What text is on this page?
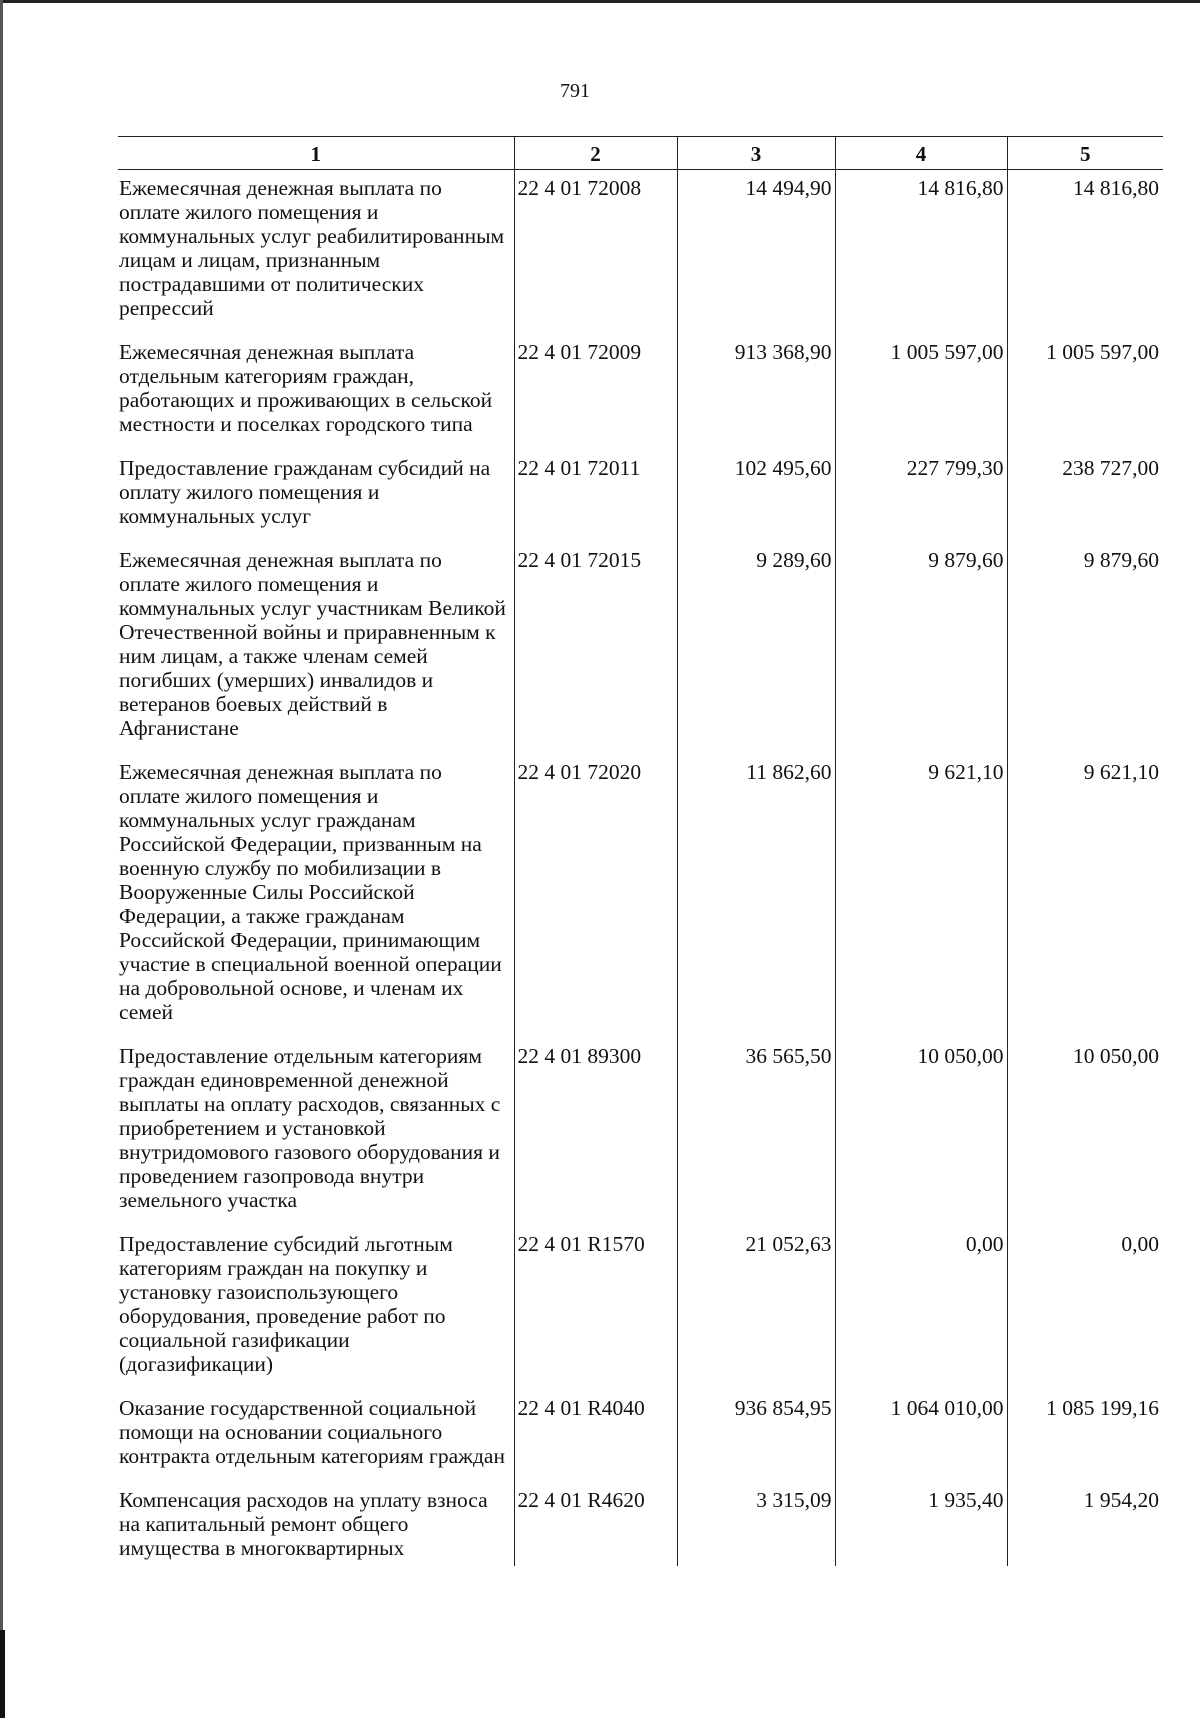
791
1	2	3	4	5
Ежемесячная денежная выплата по оплате жилого помещения и коммунальных услуг реабилитированным лицам и лицам, признанным пострадавшими от политических репрессий	22 4 01 72008	14 494,90	14 816,80	14 816,80
Ежемесячная денежная выплата отдельным категориям граждан, работающих и проживающих в сельской местности и поселках городского типа	22 4 01 72009	913 368,90	1 005 597,00	1 005 597,00
Предоставление гражданам субсидий на оплату жилого помещения и коммунальных услуг	22 4 01 72011	102 495,60	227 799,30	238 727,00
Ежемесячная денежная выплата по оплате жилого помещения и коммунальных услуг участникам Великой Отечественной войны и приравненным к ним лицам, а также членам семей погибших (умерших) инвалидов и ветеранов боевых действий в Афганистане	22 4 01 72015	9 289,60	9 879,60	9 879,60
Ежемесячная денежная выплата по оплате жилого помещения и коммунальных услуг гражданам Российской Федерации, призванным на военную службу по мобилизации в Вооруженные Силы Российской Федерации, а также гражданам Российской Федерации, принимающим участие в специальной военной операции на добровольной основе, и членам их семей	22 4 01 72020	11 862,60	9 621,10	9 621,10
Предоставление отдельным категориям граждан единовременной денежной выплаты на оплату расходов, связанных с приобретением и установкой внутридомового газового оборудования и проведением газопровода внутри земельного участка	22 4 01 89300	36 565,50	10 050,00	10 050,00
Предоставление субсидий льготным категориям граждан на покупку и установку газоиспользующего оборудования, проведение работ по социальной газификации (догазификации)	22 4 01 R1570	21 052,63	0,00	0,00
Оказание государственной социальной помощи на основании социального контракта отдельным категориям граждан	22 4 01 R4040	936 854,95	1 064 010,00	1 085 199,16
Компенсация расходов на уплату взноса на капитальный ремонт общего имущества в многоквартирных	22 4 01 R4620	3 315,09	1 935,40	1 954,20
